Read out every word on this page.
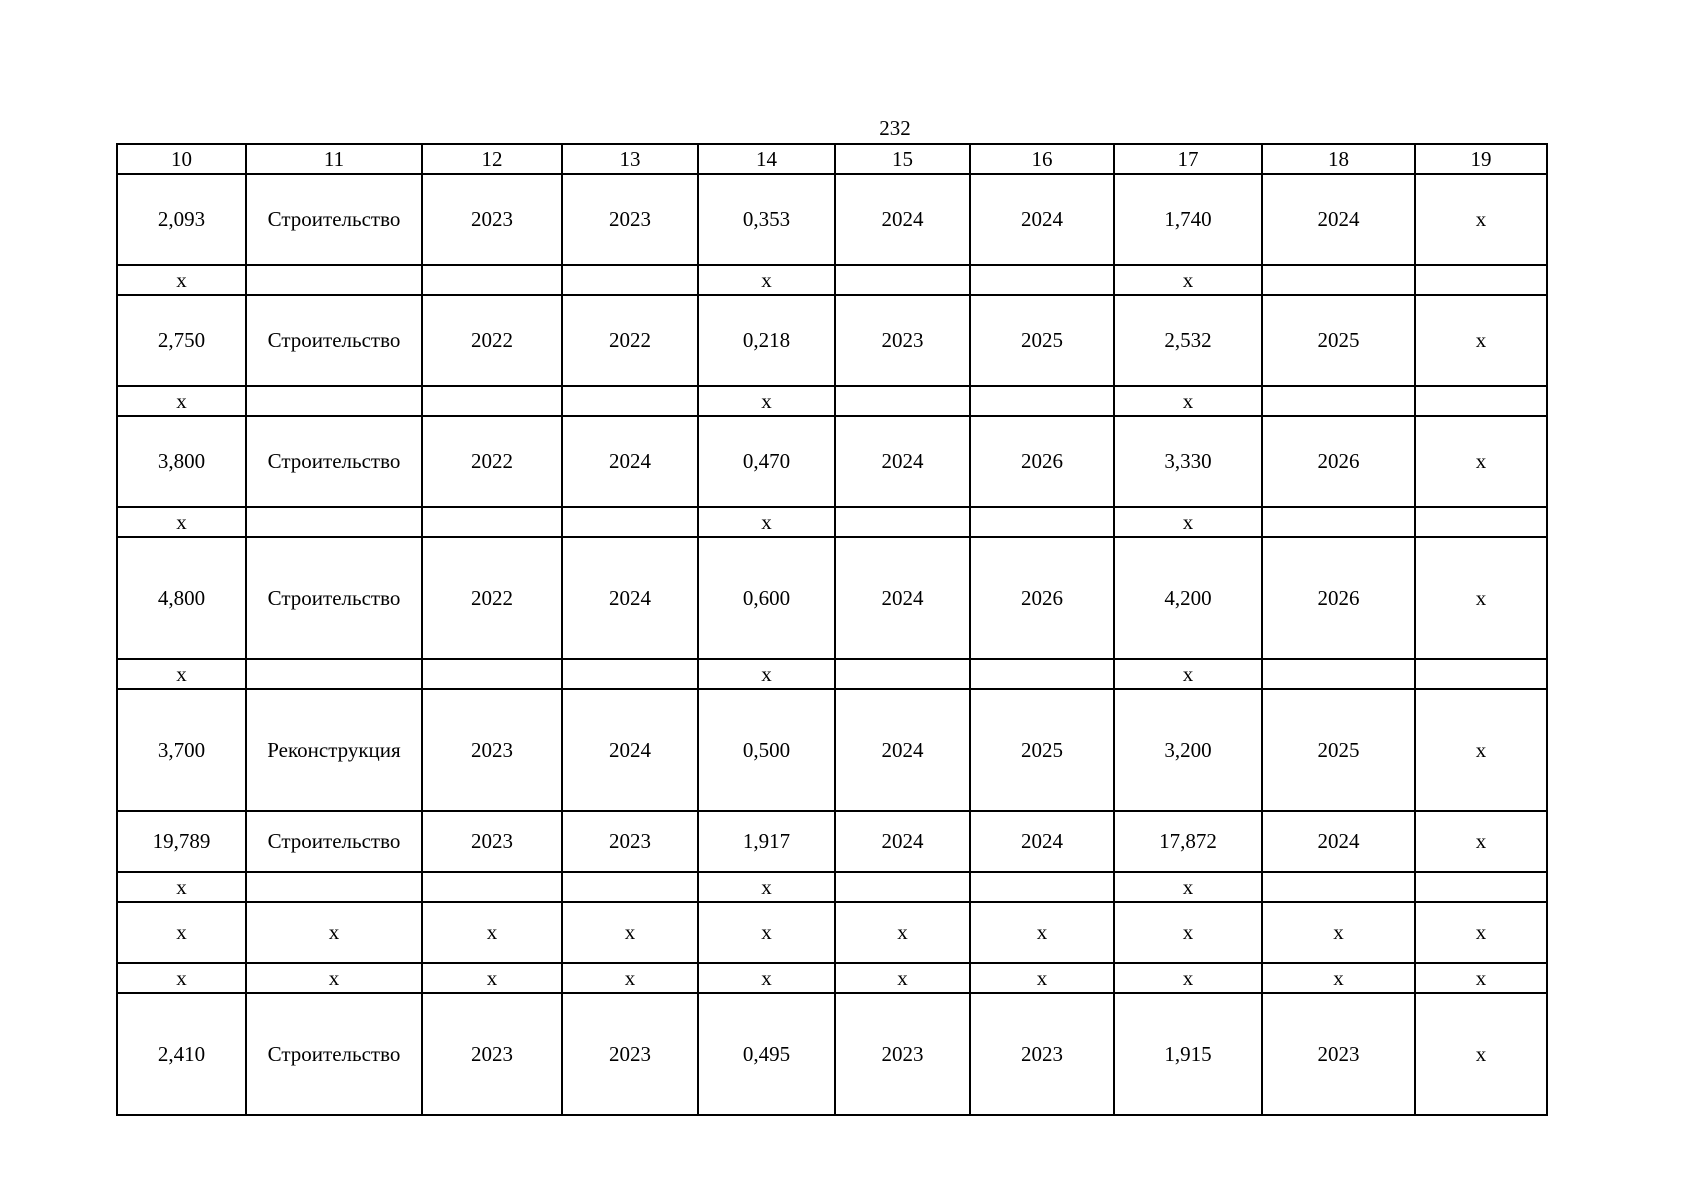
232
10	11	12	13	14	15	16	17	18	19
2,093	Строительство	2023	2023	0,353	2024	2024	1,740	2024	x
x				x			x		
2,750	Строительство	2022	2022	0,218	2023	2025	2,532	2025	x
x				x			x		
3,800	Строительство	2022	2024	0,470	2024	2026	3,330	2026	x
x				x			x		
4,800	Строительство	2022	2024	0,600	2024	2026	4,200	2026	x
x				x			x		
3,700	Реконструкция	2023	2024	0,500	2024	2025	3,200	2025	x
19,789	Строительство	2023	2023	1,917	2024	2024	17,872	2024	x
x				x			x		
x	x	x	x	x	x	x	x	x	x
x	x	x	x	x	x	x	x	x	x
2,410	Строительство	2023	2023	0,495	2023	2023	1,915	2023	x
